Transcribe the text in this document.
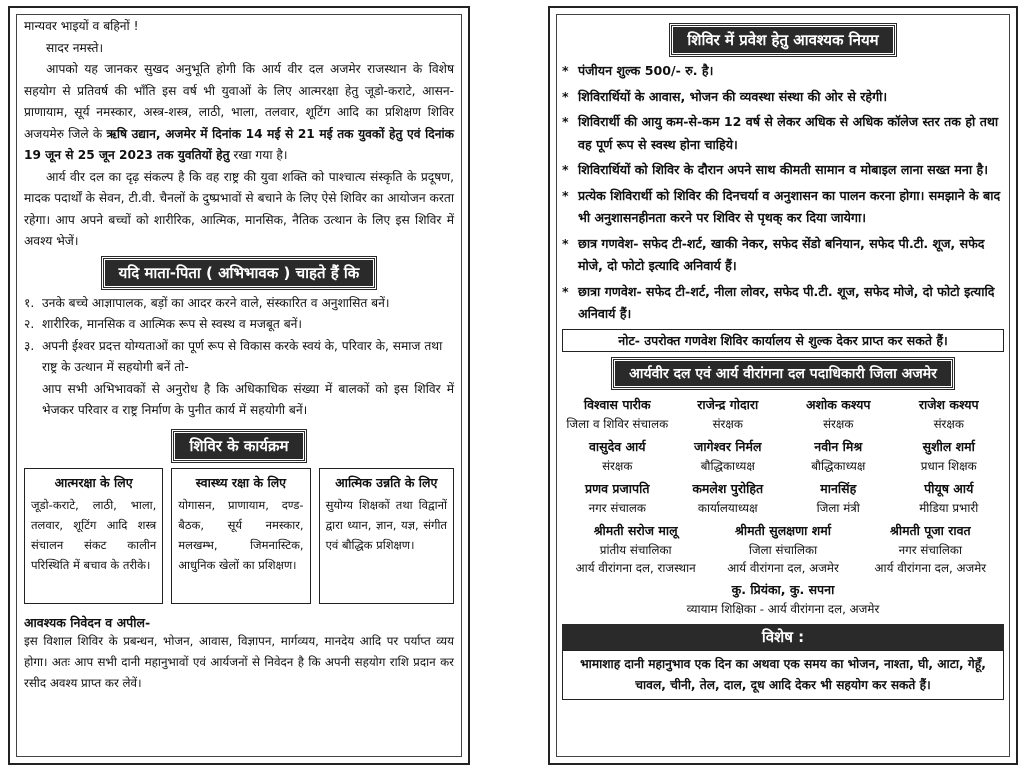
मान्यवर भाइयों व बहिनों !
सादर नमस्ते।
आपको यह जानकर सुखद अनुभूति होगी कि आर्य वीर दल अजमेर राजस्थान के विशेष सहयोग से प्रतिवर्ष की भाँति इस वर्ष भी युवाओं के लिए आत्मरक्षा हेतु जूडो-कराटे, आसन-प्राणायाम, सूर्य नमस्कार, अस्त्र-शस्त्र, लाठी, भाला, तलवार, शूटिंग आदि का प्रशिक्षण शिविर अजयमेरु जिले के ऋषि उद्यान, अजमेर में दिनांक 14 मई से 21 मई तक युवकों हेतु एवं दिनांक 19 जून से 25 जून 2023 तक युवतियों हेतु रखा गया है।
आर्य वीर दल का दृढ़ संकल्प है कि वह राष्ट्र की युवा शक्ति को पाश्चात्य संस्कृति के प्रदूषण, मादक पदार्थों के सेवन, टी.वी. चैनलों के दुष्प्रभावों से बचाने के लिए ऐसे शिविर का आयोजन करता रहेगा। आप अपने बच्चों को शारीरिक, आत्मिक, मानसिक, नैतिक उत्थान के लिए इस शिविर में अवश्य भेजें।
यदि माता-पिता ( अभिभावक ) चाहते हैं कि
१. उनके बच्चे आज्ञापालक, बड़ों का आदर करने वाले, संस्कारित व अनुशासित बनें।
२. शारीरिक, मानसिक व आत्मिक रूप से स्वस्थ व मजबूत बनें।
३. अपनी ईश्वर प्रदत्त योग्यताओं का पूर्ण रूप से विकास करके स्वयं के, परिवार के, समाज तथा राष्ट्र के उत्थान में सहयोगी बनें तो-
आप सभी अभिभावकों से अनुरोध है कि अधिकाधिक संख्या में बालकों को इस शिविर में भेजकर परिवार व राष्ट्र निर्माण के पुनीत कार्य में सहयोगी बनें।
शिविर के कार्यक्रम
आत्मरक्षा के लिए
जूडो-कराटे, लाठी, भाला, तलवार, शूटिंग आदि शस्त्र संचालन संकट कालीन परिस्थिति में बचाव के तरीके।
स्वास्थ्य रक्षा के लिए
योगासन, प्राणायाम, दण्ड-बैठक, सूर्य नमस्कार, मलखम्भ, जिमनास्टिक, आधुनिक खेलों का प्रशिक्षण।
आत्मिक उन्नति के लिए
सुयोग्य शिक्षकों तथा विद्वानों द्वारा ध्यान, ज्ञान, यज्ञ, संगीत एवं बौद्धिक प्रशिक्षण।
आवश्यक निवेदन व अपील-
इस विशाल शिविर के प्रबन्धन, भोजन, आवास, विज्ञापन, मार्गव्यय, मानदेय आदि पर पर्याप्त व्यय होगा। अतः आप सभी दानी महानुभावों एवं आर्यजनों से निवेदन है कि अपनी सहयोग राशि प्रदान कर रसीद अवश्य प्राप्त कर लेवें।
शिविर में प्रवेश हेतु आवश्यक नियम
* पंजीयन शुल्क 500/- रु. है।
* शिविरार्थियों के आवास, भोजन की व्यवस्था संस्था की ओर से रहेगी।
* शिविरार्थी की आयु कम-से-कम 12 वर्ष से लेकर अधिक से अधिक कॉलेज स्तर तक हो तथा वह पूर्ण रूप से स्वस्थ होना चाहिये।
* शिविरार्थियों को शिविर के दौरान अपने साथ कीमती सामान व मोबाइल लाना सख्त मना है।
* प्रत्येक शिविरार्थी को शिविर की दिनचर्या व अनुशासन का पालन करना होगा। समझाने के बाद भी अनुशासनहीनता करने पर शिविर से पृथक् कर दिया जायेगा।
* छात्र गणवेश- सफेद टी-शर्ट, खाकी नेकर, सफेद सेंडो बनियान, सफेद पी.टी. शूज, सफेद मोजे, दो फोटो इत्यादि अनिवार्य हैं।
* छात्रा गणवेश- सफेद टी-शर्ट, नीला लोवर, सफेद पी.टी. शूज, सफेद मोजे, दो फोटो इत्यादि अनिवार्य हैं।
नोट- उपरोक्त गणवेश शिविर कार्यालय से शुल्क देकर प्राप्त कर सकते हैं।
आर्यवीर दल एवं आर्य वीरांगना दल पदाधिकारी जिला अजमेर
विश्वास पारीक
जिला व शिविर संचालक
राजेन्द्र गोदारा
संरक्षक
अशोक कश्यप
संरक्षक
राजेश कश्यप
संरक्षक
वासुदेव आर्य
संरक्षक
जागेश्वर निर्मल
बौद्धिकाध्यक्ष
नवीन मिश्र
बौद्धिकाध्यक्ष
सुशील शर्मा
प्रधान शिक्षक
प्रणव प्रजापति
नगर संचालक
कमलेश पुरोहित
कार्यालयाध्यक्ष
मानसिंह
जिला मंत्री
पीयूष आर्य
मीडिया प्रभारी
श्रीमती सरोज मालू
प्रांतीय संचालिका
आर्य वीरांगना दल, राजस्थान
श्रीमती सुलक्षणा शर्मा
जिला संचालिका
आर्य वीरांगना दल, अजमेर
श्रीमती पूजा रावत
नगर संचालिका
आर्य वीरांगना दल, अजमेर
कु. प्रियंका, कु. सपना
व्यायाम शिक्षिका - आर्य वीरांगना दल, अजमेर
विशेष :
भामाशाह दानी महानुभाव एक दिन का अथवा एक समय का भोजन, नाश्ता, घी, आटा, गेहूँ, चावल, चीनी, तेल, दाल, दूध आदि देकर भी सहयोग कर सकते हैं।
